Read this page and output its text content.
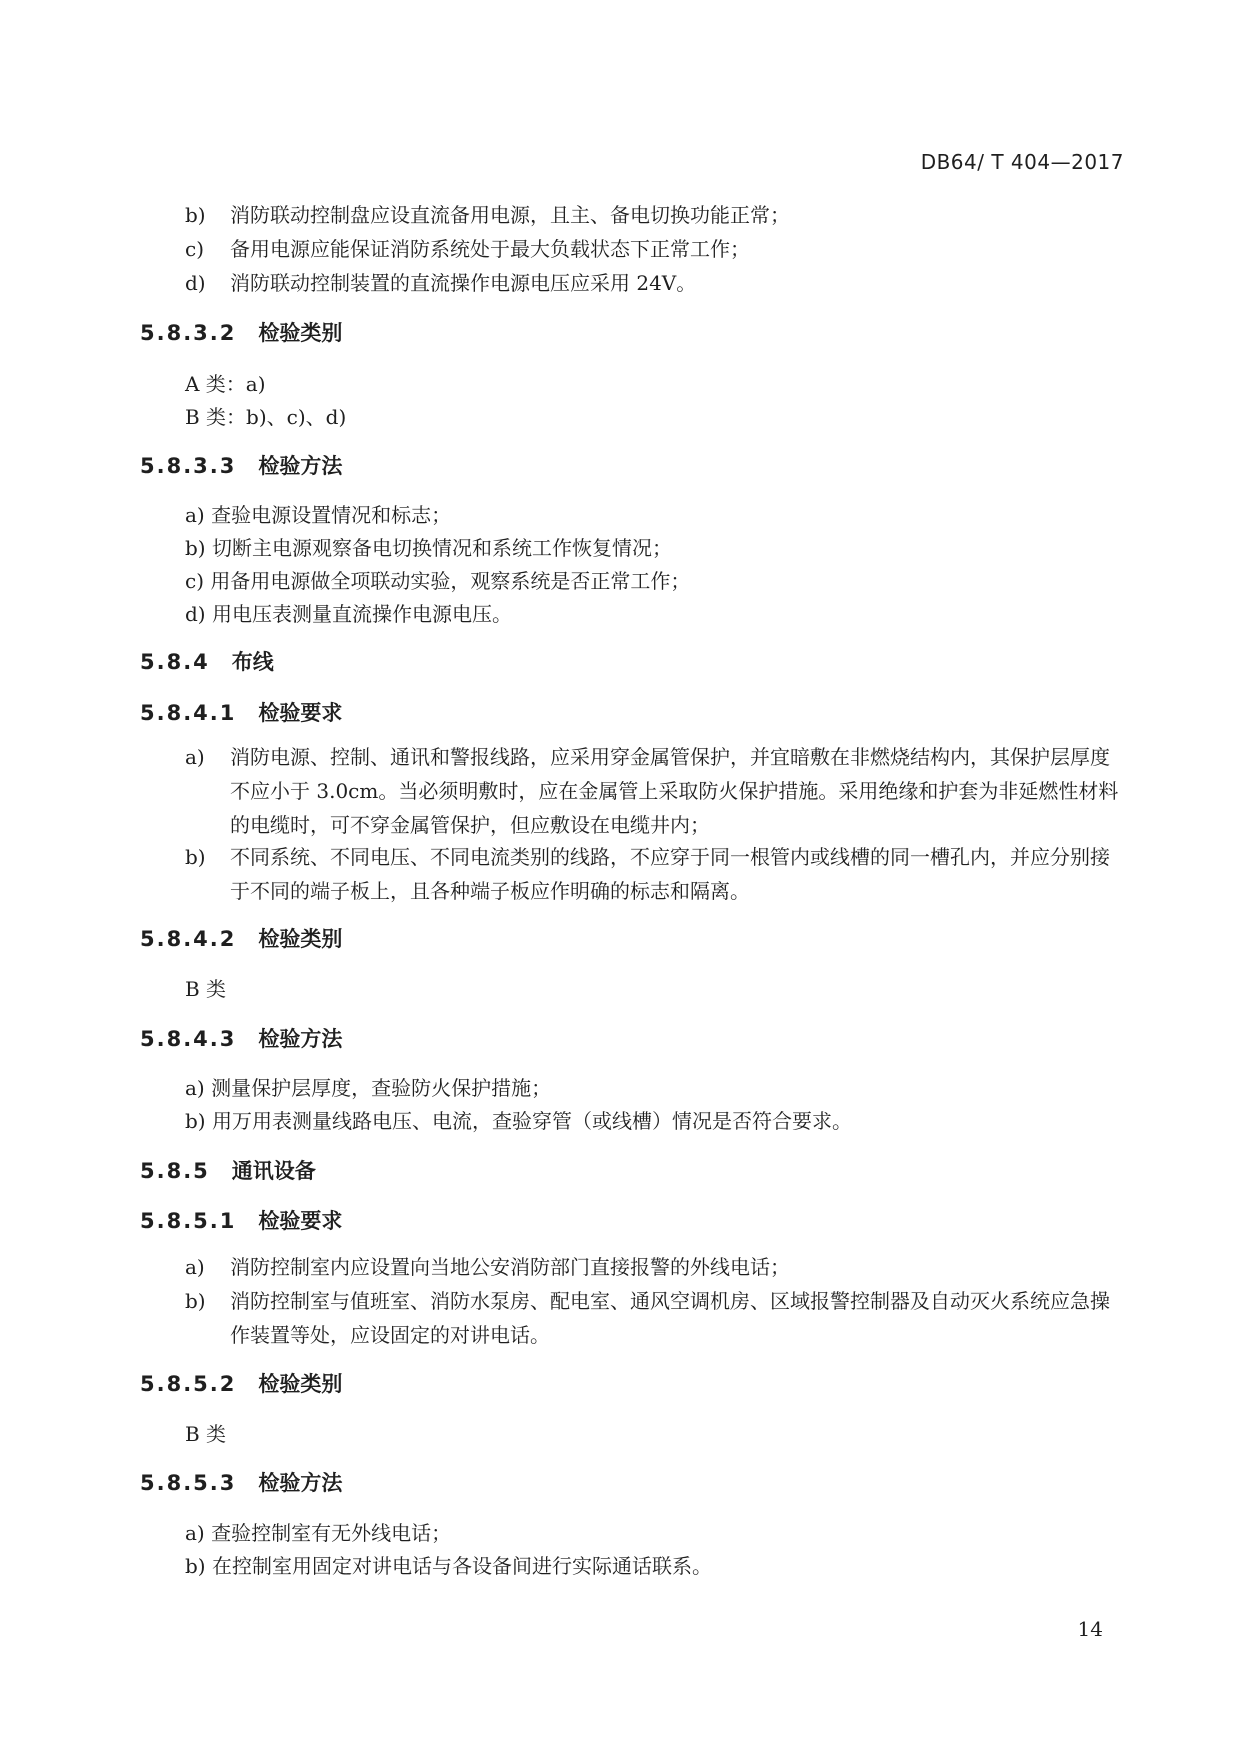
DB64/ T 404—2017
b) 消防联动控制盘应设直流备用电源，且主、备电切换功能正常；
c) 备用电源应能保证消防系统处于最大负载状态下正常工作；
d) 消防联动控制装置的直流操作电源电压应采用 24V。
5.8.3.2 检验类别
A 类：a)
B 类：b)、c)、d)
5.8.3.3 检验方法
a) 查验电源设置情况和标志；
b) 切断主电源观察备电切换情况和系统工作恢复情况；
c) 用备用电源做全项联动实验，观察系统是否正常工作；
d) 用电压表测量直流操作电源电压。
5.8.4 布线
5.8.4.1 检验要求
a) 消防电源、控制、通讯和警报线路，应采用穿金属管保护，并宜暗敷在非燃烧结构内，其保护层厚度不应小于 3.0cm。当必须明敷时，应在金属管上采取防火保护措施。采用绝缘和护套为非延燃性材料的电缆时，可不穿金属管保护，但应敷设在电缆井内；
b) 不同系统、不同电压、不同电流类别的线路，不应穿于同一根管内或线槽的同一槽孔内，并应分别接于不同的端子板上，且各种端子板应作明确的标志和隔离。
5.8.4.2 检验类别
B 类
5.8.4.3 检验方法
a) 测量保护层厚度，查验防火保护措施；
b) 用万用表测量线路电压、电流，查验穿管（或线槽）情况是否符合要求。
5.8.5 通讯设备
5.8.5.1 检验要求
a) 消防控制室内应设置向当地公安消防部门直接报警的外线电话；
b) 消防控制室与值班室、消防水泵房、配电室、通风空调机房、区域报警控制器及自动灭火系统应急操作装置等处，应设固定的对讲电话。
5.8.5.2 检验类别
B 类
5.8.5.3 检验方法
a) 查验控制室有无外线电话；
b) 在控制室用固定对讲电话与各设备间进行实际通话联系。
14
